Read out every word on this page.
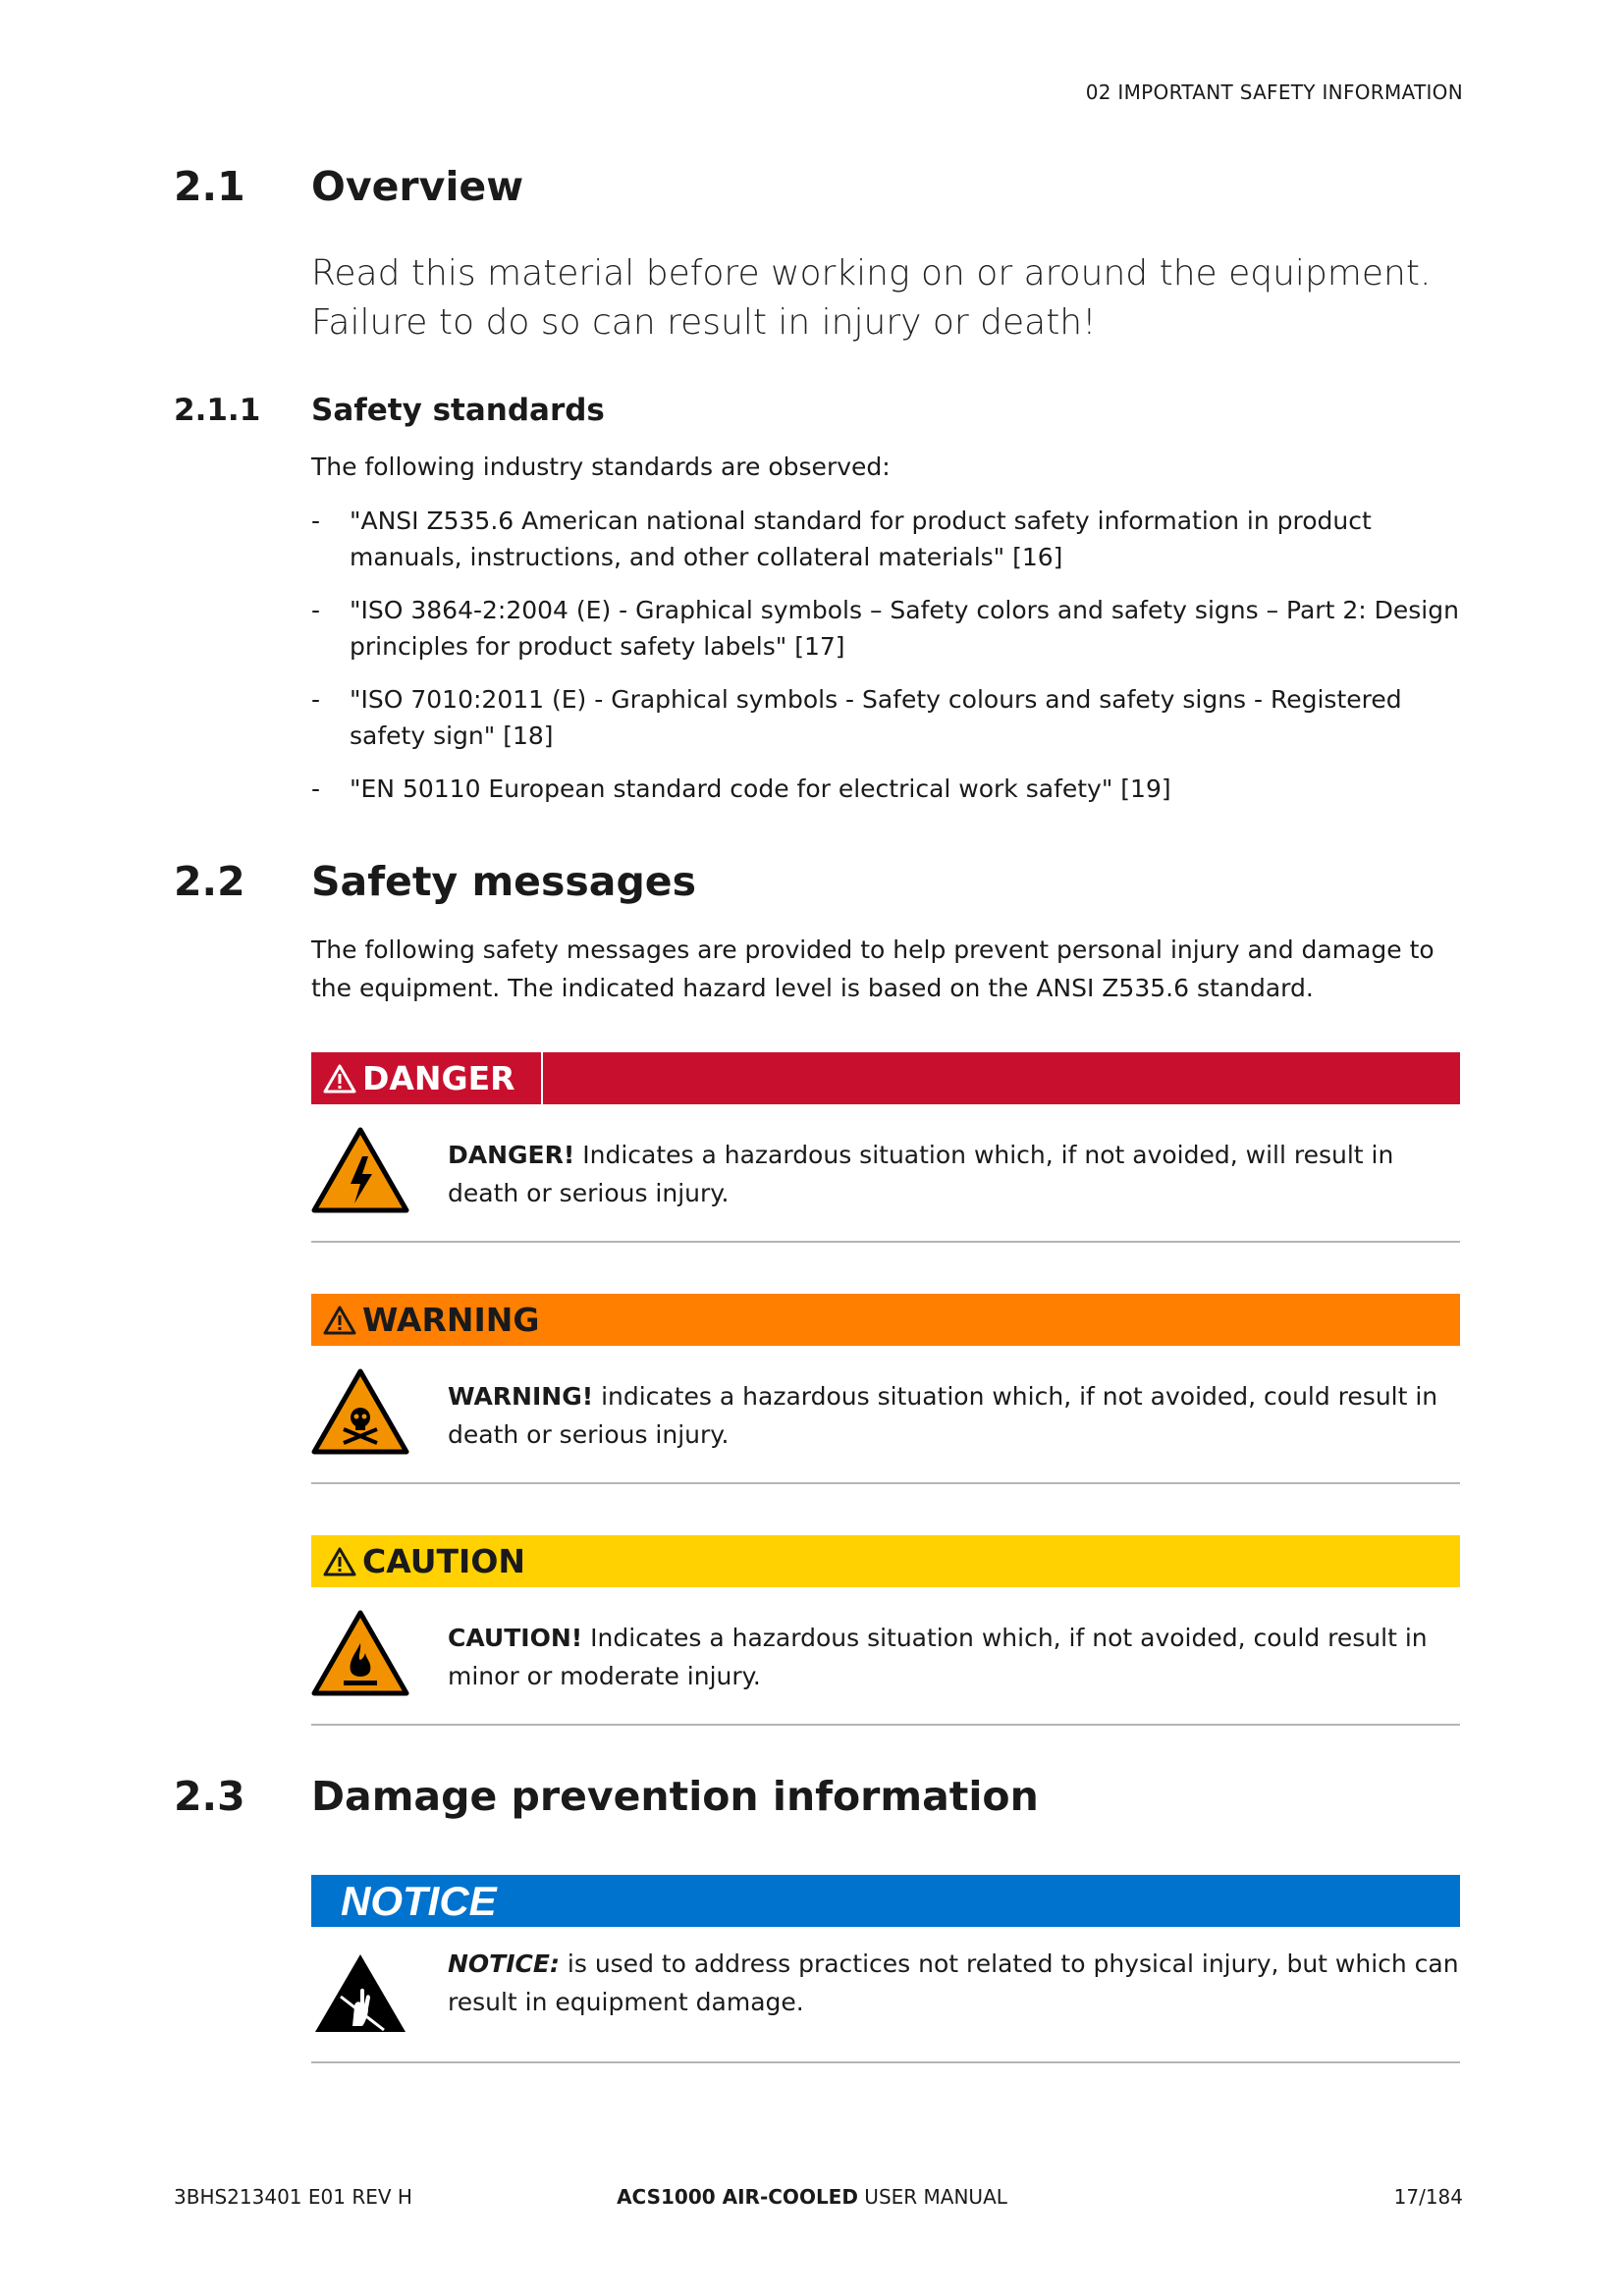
02 IMPORTANT SAFETY INFORMATION
2.1 Overview
Read this material before working on or around the equipment. Failure to do so can result in injury or death!
2.1.1 Safety standards
The following industry standards are observed:
- "ANSI Z535.6 American national standard for product safety information in product manuals, instructions, and other collateral materials" [16]
- "ISO 3864-2:2004 (E) - Graphical symbols – Safety colors and safety signs – Part 2: Design principles for product safety labels" [17]
- "ISO 7010:2011 (E) - Graphical symbols - Safety colours and safety signs - Registered safety sign" [18]
- "EN 50110 European standard code for electrical work safety" [19]
2.2 Safety messages
The following safety messages are provided to help prevent personal injury and damage to the equipment. The indicated hazard level is based on the ANSI Z535.6 standard.
DANGER
DANGER! Indicates a hazardous situation which, if not avoided, will result in death or serious injury.
WARNING
WARNING! indicates a hazardous situation which, if not avoided, could result in death or serious injury.
CAUTION
CAUTION! Indicates a hazardous situation which, if not avoided, could result in minor or moderate injury.
2.3 Damage prevention information
NOTICE
NOTICE: is used to address practices not related to physical injury, but which can result in equipment damage.
3BHS213401 E01 REV H	ACS1000 AIR-COOLED USER MANUAL	17/184
